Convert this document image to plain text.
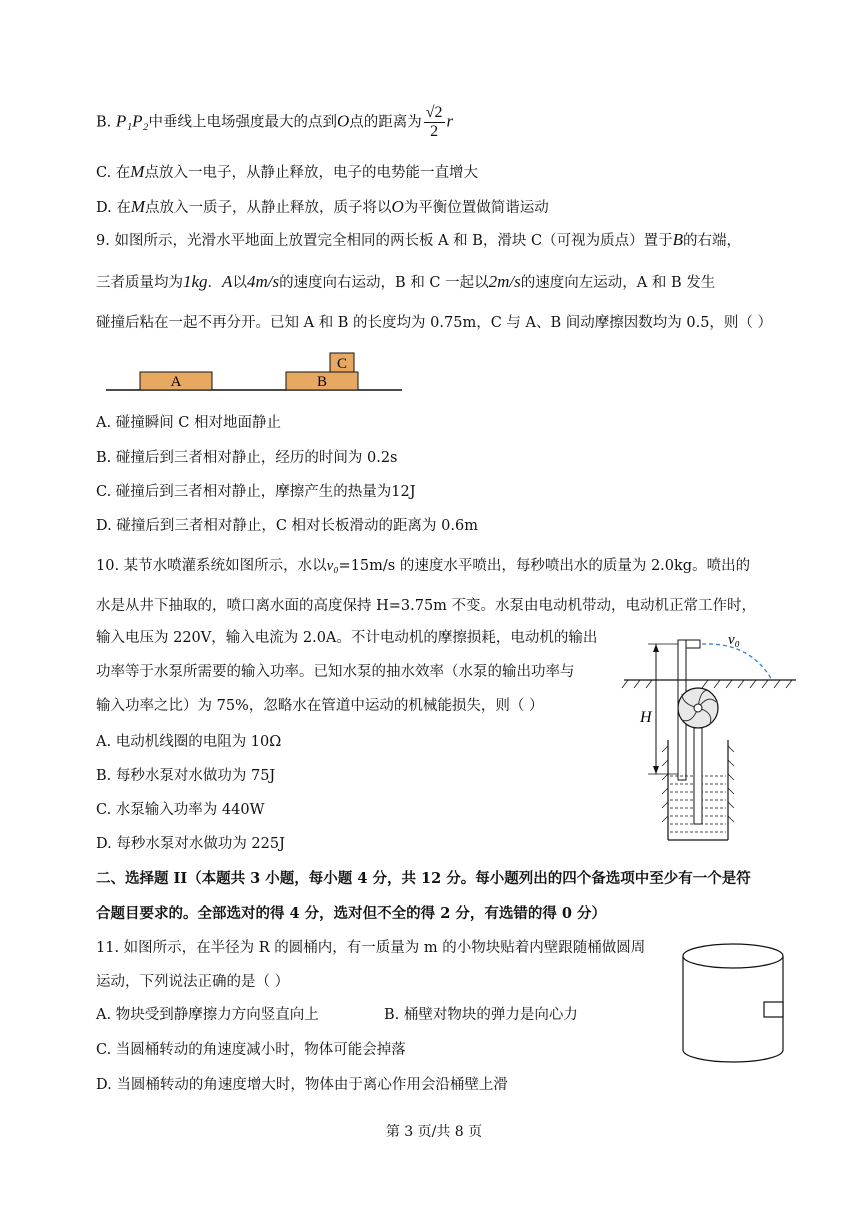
B. P₁P₂中垂线上电场强度最大的点到O点的距离为 $\frac{√2}{2}$ r
C. 在M点放入一电子，从静止释放，电子的电势能一直增大
D. 在M点放入一质子，从静止释放，质子将以O为平衡位置做简谐运动
9. 如图所示，光滑水平地面上放置完全相同的两长板 A 和 B，滑块 C（可视为质点）置于B的右端，
三者质量均为1kg．A以4m/s的速度向右运动，B 和 C 一起以2m/s的速度向左运动，A 和 B 发生
碰撞后粘在一起不再分开。已知 A 和 B 的长度均为 0.75m，C 与 A、B 间动摩擦因数均为 0.5，则（ ）
A	B
C
A. 碰撞瞬间 C 相对地面静止
B. 碰撞后到三者相对静止，经历的时间为 0.2s
C. 碰撞后到三者相对静止，摩擦产生的热量为12J
D. 碰撞后到三者相对静止，C 相对长板滑动的距离为 0.6m
10. 某节水喷灌系统如图所示，水以v₀=15m/s 的速度水平喷出，每秒喷出水的质量为 2.0kg。喷出的
水是从井下抽取的，喷口离水面的高度保持 H=3.75m 不变。水泵由电动机带动，电动机正常工作时，
输入电压为 220V，输入电流为 2.0A。不计电动机的摩擦损耗，电动机的输出
功率等于水泵所需要的输入功率。已知水泵的抽水效率（水泵的输出功率与
输入功率之比）为 75%，忽略水在管道中运动的机械能损失，则（ ）
A. 电动机线圈的电阻为 10Ω
B. 每秒水泵对水做功为 75J
C. 水泵输入功率为 440W
D. 每秒水泵对水做功为 225J
v₀
H
二、选择题 II（本题共 3 小题，每小题 4 分，共 12 分。每小题列出的四个备选项中至少有一个是符
合题目要求的。全部选对的得 4 分，选对但不全的得 2 分，有选错的得 0 分）
11. 如图所示，在半径为 R 的圆桶内，有一质量为 m 的小物块贴着内壁跟随桶做圆周
运动，下列说法正确的是（ ）
A. 物块受到静摩擦力方向竖直向上	B. 桶壁对物块的弹力是向心力
C. 当圆桶转动的角速度减小时，物体可能会掉落
D. 当圆桶转动的角速度增大时，物体由于离心作用会沿桶壁上滑
第 3 页/共 8 页
